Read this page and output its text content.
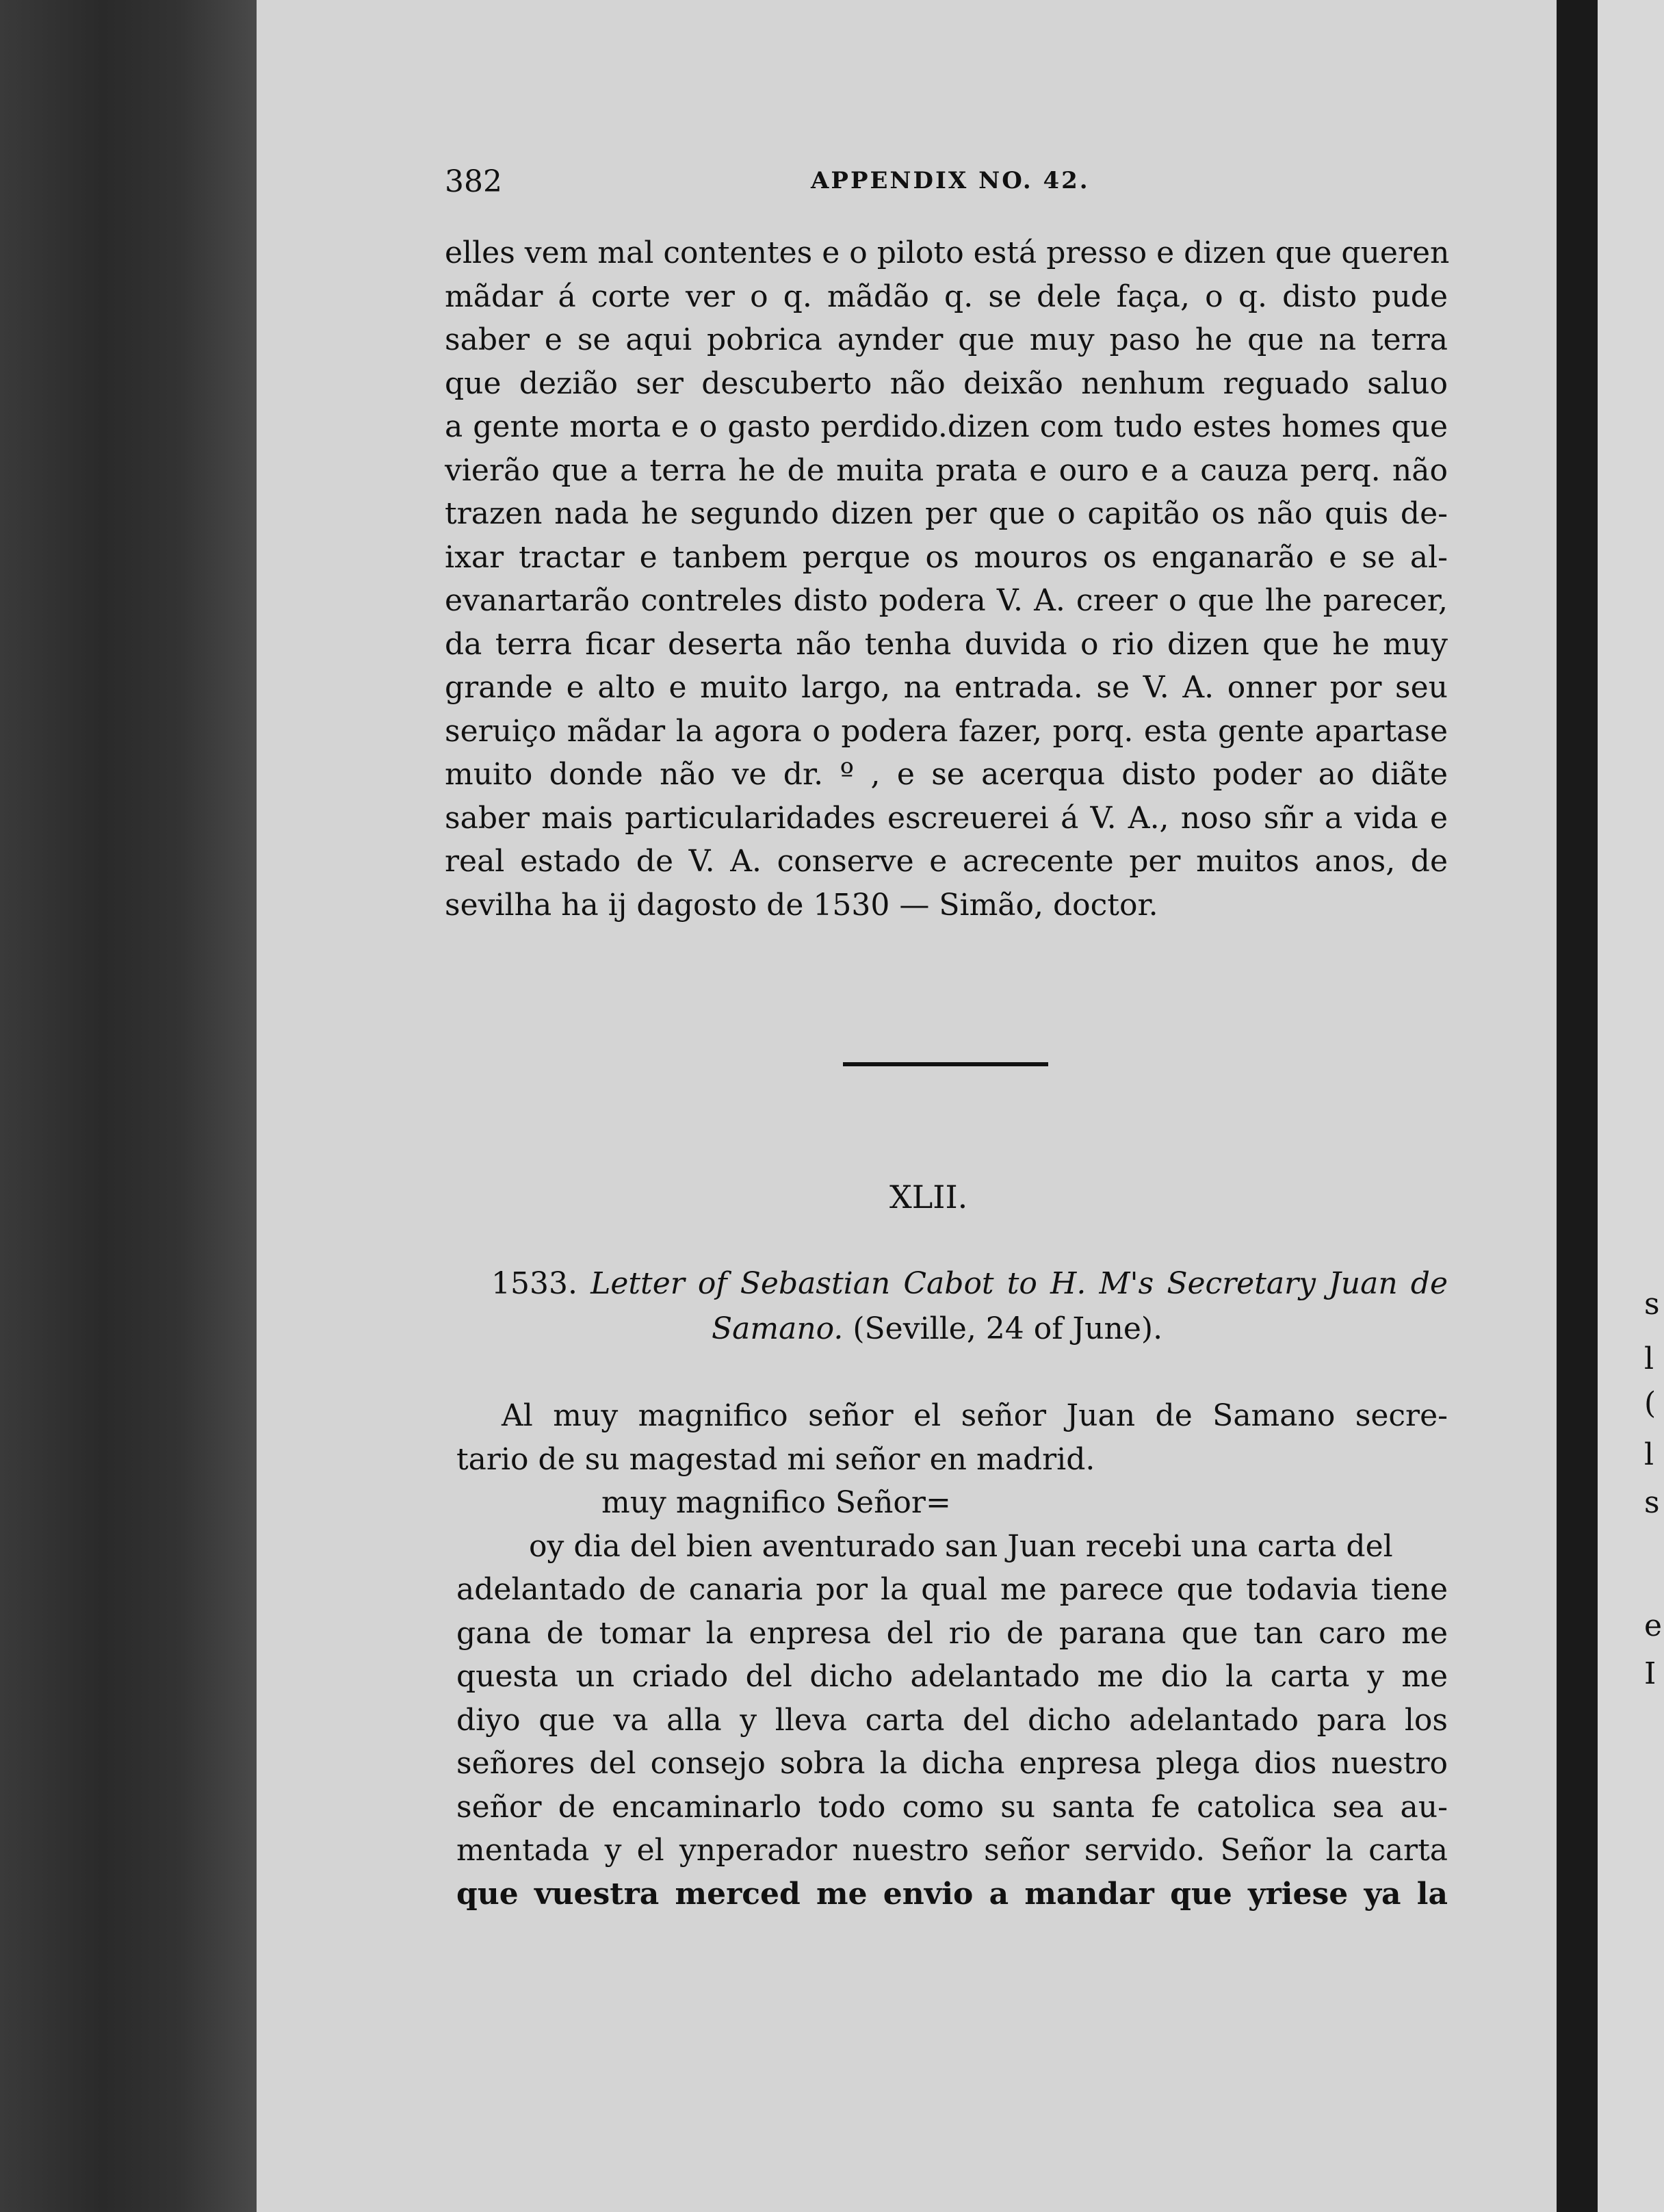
382	APPENDIX NO. 42.
elles vem mal contentes e o piloto está presso e dizen que queren
mãdar á corte ver o q. mãdão q. se dele faça, o q. disto pude
saber e se aqui pobrica aynder que muy paso he que na terra
que dezião ser descuberto não deixão nenhum reguado saluo
a gente morta e o gasto perdido.dizen com tudo estes homes que
vierão que a terra he de muita prata e ouro e a cauza perq. não
trazen nada he segundo dizen per que o capitão os não quis de-
ixar tractar e tanbem perque os mouros os enganarão e se al-
evanartarão contreles disto podera V. A. creer o que lhe parecer,
da terra ficar deserta não tenha duvida o rio dizen que he muy
grande e alto e muito largo, na entrada. se V. A. onner por seu
seruiço mãdar la agora o podera fazer, porq. esta gente apartase
muito donde não ve dr. º , e se acerqua disto poder ao diãte
saber mais particularidades escreuerei á V. A., noso sñr a vida e
real estado de V. A. conserve e acrecente per muitos anos, de
sevilha ha ij dagosto de 1530 — Simão, doctor.
XLII.
1533. Letter of Sebastian Cabot to H. M's Secretary Juan de
Samano. (Seville, 24 of June).
Al muy magnifico señor el señor Juan de Samano secre-
tario de su magestad mi señor en madrid.
muy magnifico Señor=
oy dia del bien aventurado san Juan recebi una carta del
adelantado de canaria por la qual me parece que todavia tiene
gana de tomar la enpresa del rio de parana que tan caro me
questa un criado del dicho adelantado me dio la carta y me
diyo que va alla y lleva carta del dicho adelantado para los
señores del consejo sobra la dicha enpresa plega dios nuestro
señor de encaminarlo todo como su santa fe catolica sea au-
mentada y el ynperador nuestro señor servido. Señor la carta
que vuestra merced me envio a mandar que yriese ya la
s
l
(
l
s
e
I
